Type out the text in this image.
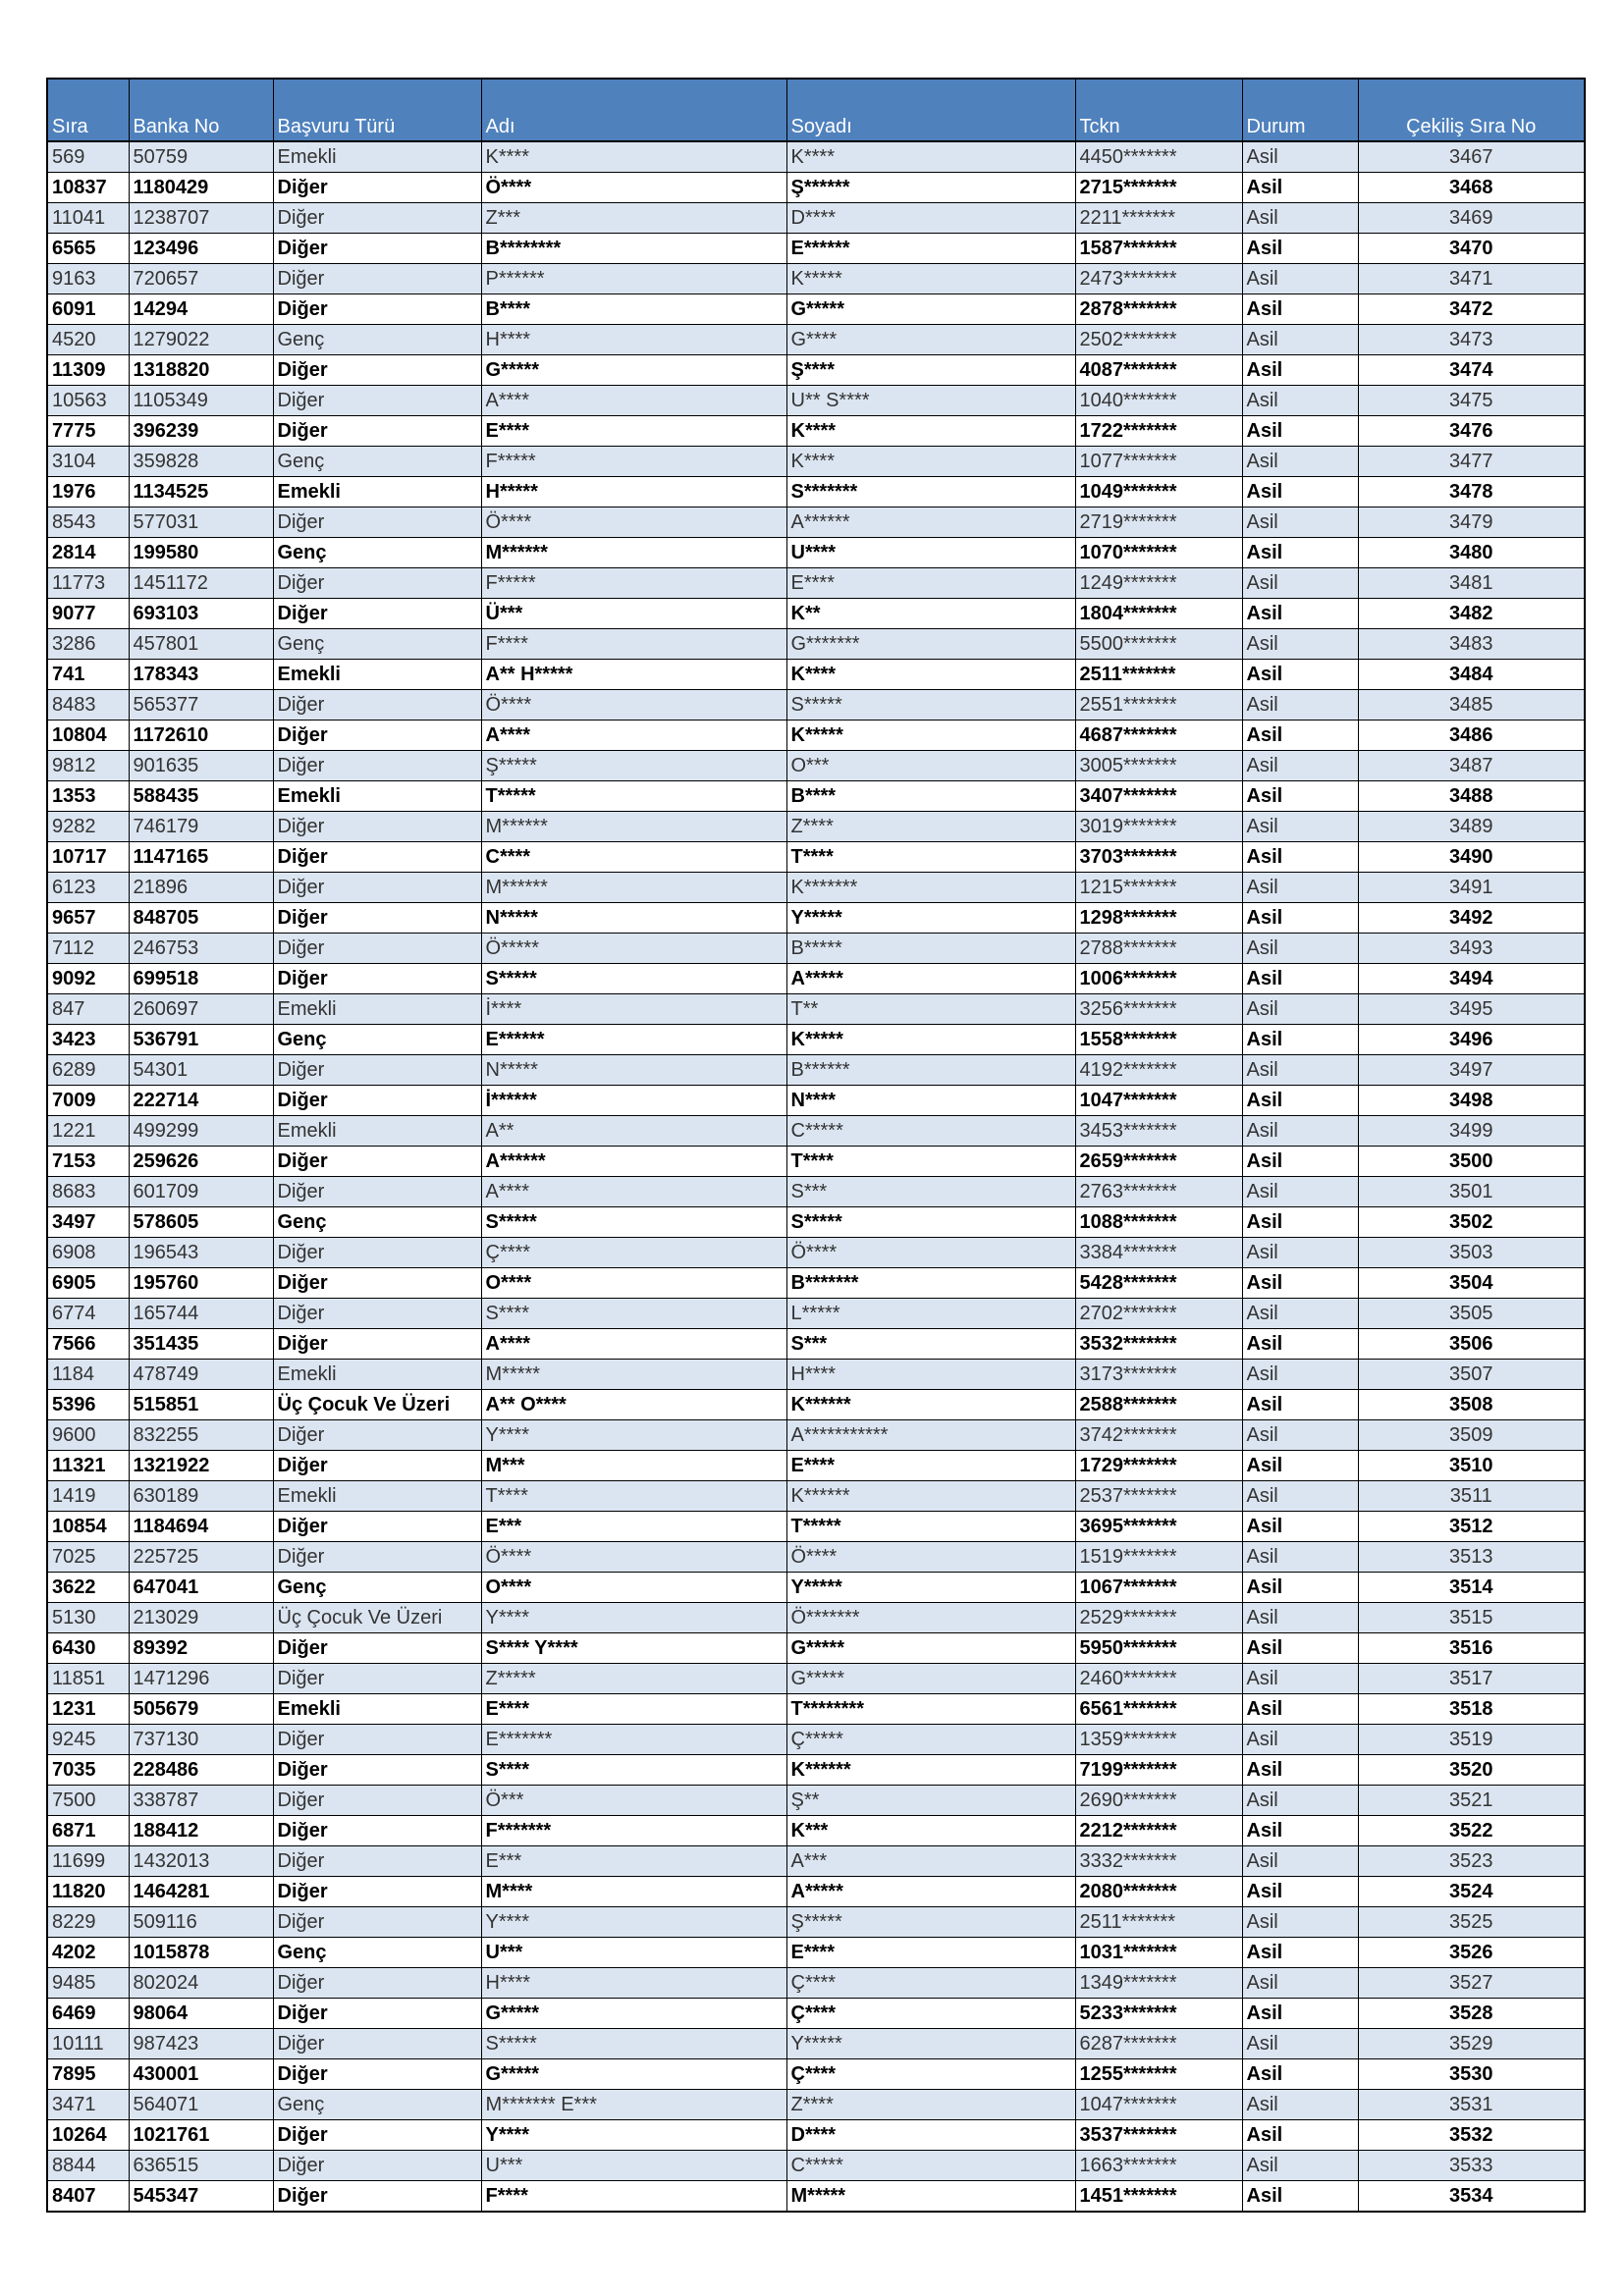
Sıra	Banka No	Başvuru Türü	Adı	Soyadı	Tckn	Durum	Çekiliş Sıra No
569	50759	Emekli	K****	K****	4450*******	Asil	3467
10837	1180429	Diğer	Ö****	Ş******	2715*******	Asil	3468
11041	1238707	Diğer	Z***	D****	2211*******	Asil	3469
6565	123496	Diğer	B********	E******	1587*******	Asil	3470
9163	720657	Diğer	P******	K*****	2473*******	Asil	3471
6091	14294	Diğer	B****	G*****	2878*******	Asil	3472
4520	1279022	Genç	H****	G****	2502*******	Asil	3473
11309	1318820	Diğer	G*****	Ş****	4087*******	Asil	3474
10563	1105349	Diğer	A****	U** S****	1040*******	Asil	3475
7775	396239	Diğer	E****	K****	1722*******	Asil	3476
3104	359828	Genç	F*****	K****	1077*******	Asil	3477
1976	1134525	Emekli	H*****	S*******	1049*******	Asil	3478
8543	577031	Diğer	Ö****	A******	2719*******	Asil	3479
2814	199580	Genç	M******	U****	1070*******	Asil	3480
11773	1451172	Diğer	F*****	E****	1249*******	Asil	3481
9077	693103	Diğer	Ü***	K**	1804*******	Asil	3482
3286	457801	Genç	F****	G*******	5500*******	Asil	3483
741	178343	Emekli	A** H*****	K****	2511*******	Asil	3484
8483	565377	Diğer	Ö****	S*****	2551*******	Asil	3485
10804	1172610	Diğer	A****	K*****	4687*******	Asil	3486
9812	901635	Diğer	Ş*****	O***	3005*******	Asil	3487
1353	588435	Emekli	T*****	B****	3407*******	Asil	3488
9282	746179	Diğer	M******	Z****	3019*******	Asil	3489
10717	1147165	Diğer	C****	T****	3703*******	Asil	3490
6123	21896	Diğer	M******	K*******	1215*******	Asil	3491
9657	848705	Diğer	N*****	Y*****	1298*******	Asil	3492
7112	246753	Diğer	Ö*****	B*****	2788*******	Asil	3493
9092	699518	Diğer	S*****	A*****	1006*******	Asil	3494
847	260697	Emekli	İ****	T**	3256*******	Asil	3495
3423	536791	Genç	E******	K*****	1558*******	Asil	3496
6289	54301	Diğer	N*****	B******	4192*******	Asil	3497
7009	222714	Diğer	İ******	N****	1047*******	Asil	3498
1221	499299	Emekli	A**	C*****	3453*******	Asil	3499
7153	259626	Diğer	A******	T****	2659*******	Asil	3500
8683	601709	Diğer	A****	S***	2763*******	Asil	3501
3497	578605	Genç	S*****	S*****	1088*******	Asil	3502
6908	196543	Diğer	Ç****	Ö****	3384*******	Asil	3503
6905	195760	Diğer	O****	B*******	5428*******	Asil	3504
6774	165744	Diğer	S****	L*****	2702*******	Asil	3505
7566	351435	Diğer	A****	S***	3532*******	Asil	3506
1184	478749	Emekli	M*****	H****	3173*******	Asil	3507
5396	515851	Üç Çocuk Ve Üzeri	A** O****	K******	2588*******	Asil	3508
9600	832255	Diğer	Y****	A***********	3742*******	Asil	3509
11321	1321922	Diğer	M***	E****	1729*******	Asil	3510
1419	630189	Emekli	T****	K******	2537*******	Asil	3511
10854	1184694	Diğer	E***	T*****	3695*******	Asil	3512
7025	225725	Diğer	Ö****	Ö****	1519*******	Asil	3513
3622	647041	Genç	O****	Y*****	1067*******	Asil	3514
5130	213029	Üç Çocuk Ve Üzeri	Y****	Ö*******	2529*******	Asil	3515
6430	89392	Diğer	S**** Y****	G*****	5950*******	Asil	3516
11851	1471296	Diğer	Z*****	G*****	2460*******	Asil	3517
1231	505679	Emekli	E****	T********	6561*******	Asil	3518
9245	737130	Diğer	E*******	Ç*****	1359*******	Asil	3519
7035	228486	Diğer	S****	K******	7199*******	Asil	3520
7500	338787	Diğer	Ö***	Ş**	2690*******	Asil	3521
6871	188412	Diğer	F*******	K***	2212*******	Asil	3522
11699	1432013	Diğer	E***	A***	3332*******	Asil	3523
11820	1464281	Diğer	M****	A*****	2080*******	Asil	3524
8229	509116	Diğer	Y****	Ş*****	2511*******	Asil	3525
4202	1015878	Genç	U***	E****	1031*******	Asil	3526
9485	802024	Diğer	H****	Ç****	1349*******	Asil	3527
6469	98064	Diğer	G*****	Ç****	5233*******	Asil	3528
10111	987423	Diğer	S*****	Y*****	6287*******	Asil	3529
7895	430001	Diğer	G*****	Ç****	1255*******	Asil	3530
3471	564071	Genç	M******* E***	Z****	1047*******	Asil	3531
10264	1021761	Diğer	Y****	D****	3537*******	Asil	3532
8844	636515	Diğer	U***	C*****	1663*******	Asil	3533
8407	545347	Diğer	F****	M*****	1451*******	Asil	3534
